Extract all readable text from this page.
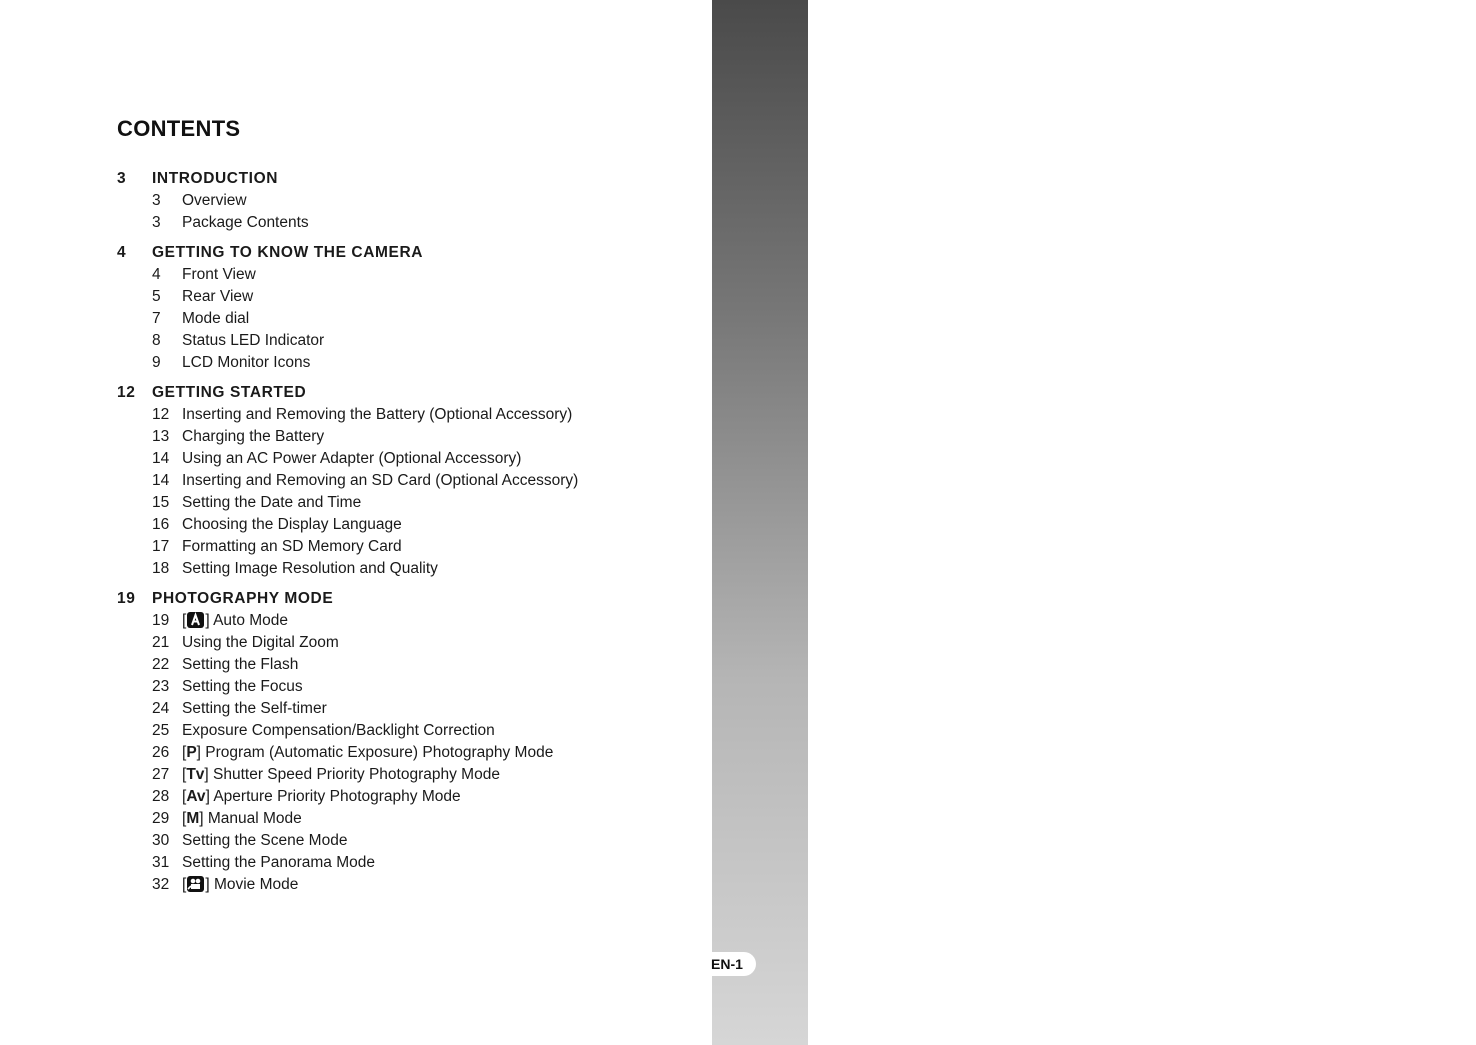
User’s Manual >>
EN-1
CONTENTS
3	INTRODUCTION
3	Overview
3	Package Contents
4	GETTING TO KNOW THE CAMERA
4	Front View
5	Rear View
7	Mode dial
8	Status LED Indicator
9	LCD Monitor Icons
12	GETTING STARTED
12 Inserting and Removing the Battery (Optional Accessory)
13 Charging the Battery
14 Using an AC Power Adapter (Optional Accessory)
14 Inserting and Removing an SD Card (Optional Accessory)
15 Setting the Date and Time
16 Choosing the Display Language
17 Formatting an SD Memory Card
18 Setting Image Resolution and Quality
19	PHOTOGRAPHY MODE
19 [ ] Auto Mode
21 Using the Digital Zoom
22 Setting the Flash
23 Setting the Focus
24 Setting the Self-timer
25 Exposure Compensation/Backlight Correction
26 [P] Program (Automatic Exposure) Photography Mode
27 [Tv] Shutter Speed Priority Photography Mode
28 [Av] Aperture Priority Photography Mode
29 [M] Manual Mode
30 Setting the Scene Mode
31 Setting the Panorama Mode
32 [ ] Movie Mode
